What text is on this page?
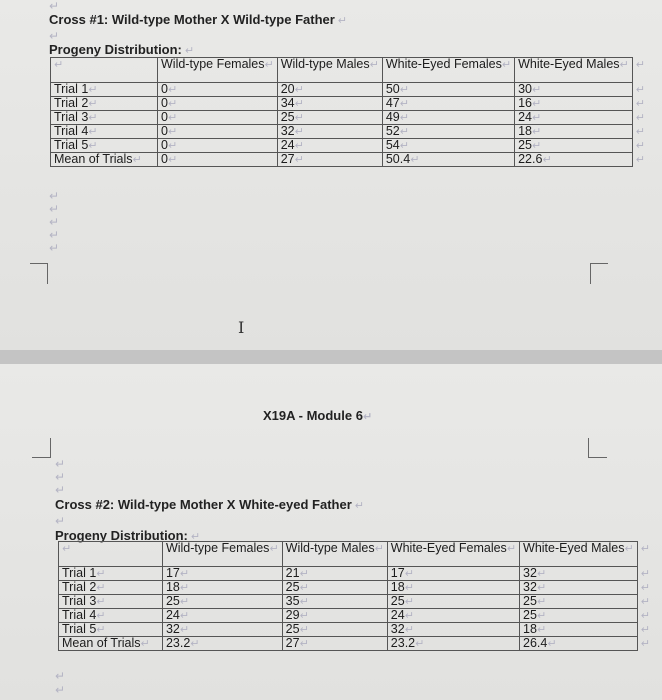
↵
Cross #1: Wild-type Mother X Wild-type Father ↵
↵
Progeny Distribution: ↵
↵	Wild-type Females↵	Wild-type Males↵	White-Eyed Females↵	White-Eyed Males↵	↵
Trial 1↵	0↵	20↵	50↵	30↵	↵
Trial 2↵	0↵	34↵	47↵	16↵	↵
Trial 3↵	0↵	25↵	49↵	24↵	↵
Trial 4↵	0↵	32↵	52↵	18↵	↵
Trial 5↵	0↵	24↵	54↵	25↵	↵
Mean of Trials↵	0↵	27↵	50.4↵	22.6↵	↵
↵
↵
↵
↵
↵
Ι
X19A - Module 6↵
↵
↵
↵
Cross #2: Wild-type Mother X White-eyed Father ↵
↵
Progeny Distribution: ↵
↵	Wild-type Females↵	Wild-type Males↵	White-Eyed Females↵	White-Eyed Males↵	↵
Trial 1↵	17↵	21↵	17↵	32↵	↵
Trial 2↵	18↵	25↵	18↵	32↵	↵
Trial 3↵	25↵	35↵	25↵	25↵	↵
Trial 4↵	24↵	29↵	24↵	25↵	↵
Trial 5↵	32↵	25↵	32↵	18↵	↵
Mean of Trials↵	23.2↵	27↵	23.2↵	26.4↵	↵
↵
↵
